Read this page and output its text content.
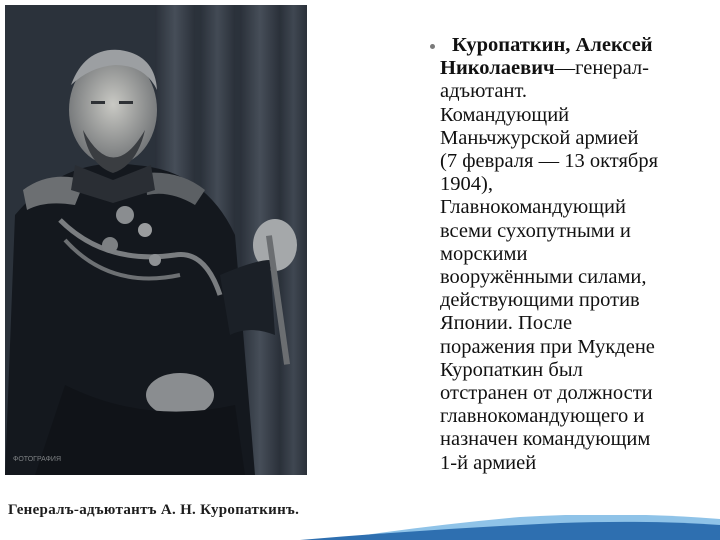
ФОТОГРАФИЯ
Генералъ-адъютантъ А. Н. Куропаткинъ.
Куропаткин, Алексей
Николаевич—генерал-
адъютант.
Командующий
Маньчжурской армией
(7 февраля — 13 октября
1904),
Главнокомандующий
всеми сухопутными и
морскими
вооружёнными силами,
действующими против
Японии. После
поражения при Мукдене
Куропаткин был
отстранен от должности
главнокомандующего и
назначен командующим
1-й армией
